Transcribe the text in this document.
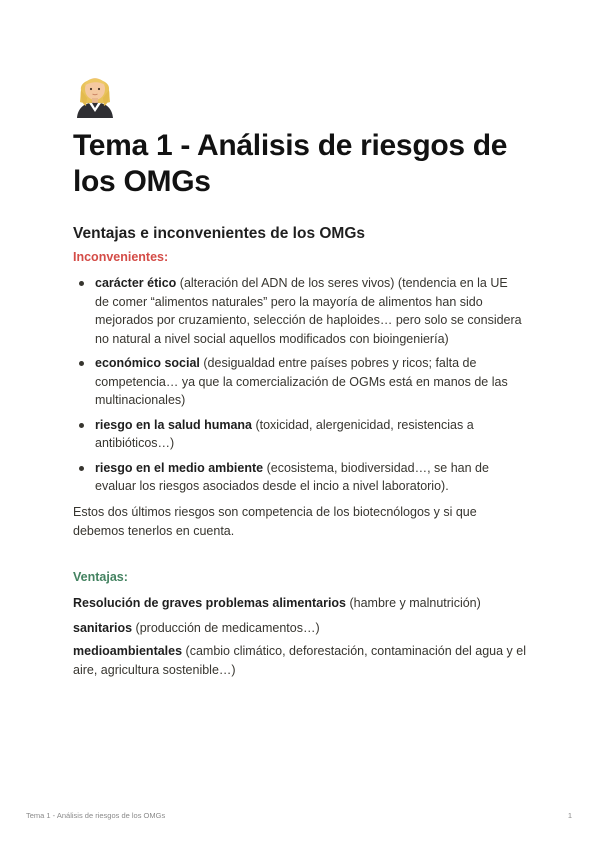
Tema 1 - Análisis de riesgos de los OMGs
Ventajas e inconvenientes de los OMGs
Inconvenientes:
carácter ético (alteración del ADN de los seres vivos) (tendencia en la UE de comer “alimentos naturales” pero la mayoría de alimentos han sido mejorados por cruzamiento, selección de haploides… pero solo se considera no natural a nivel social aquellos modificados con bioingeniería)
económico social (desigualdad entre países pobres y ricos; falta de competencia… ya que la comercialización de OGMs está en manos de las multinacionales)
riesgo en la salud humana (toxicidad, alergenicidad, resistencias a antibióticos…)
riesgo en el medio ambiente (ecosistema, biodiversidad…, se han de evaluar los riesgos asociados desde el incio a nivel laboratorio).

Estos dos últimos riesgos son competencia de los biotecnólogos y si que debemos tenerlos en cuenta.

Ventajas:

Resolución de graves problemas alimentarios (hambre y malnutrición)

sanitarios (producción de medicamentos…)

medioambientales (cambio climático, deforestación, contaminación del agua y el aire, agricultura sostenible…)

Tema 1 - Análisis de riesgos de los OMGs	1
